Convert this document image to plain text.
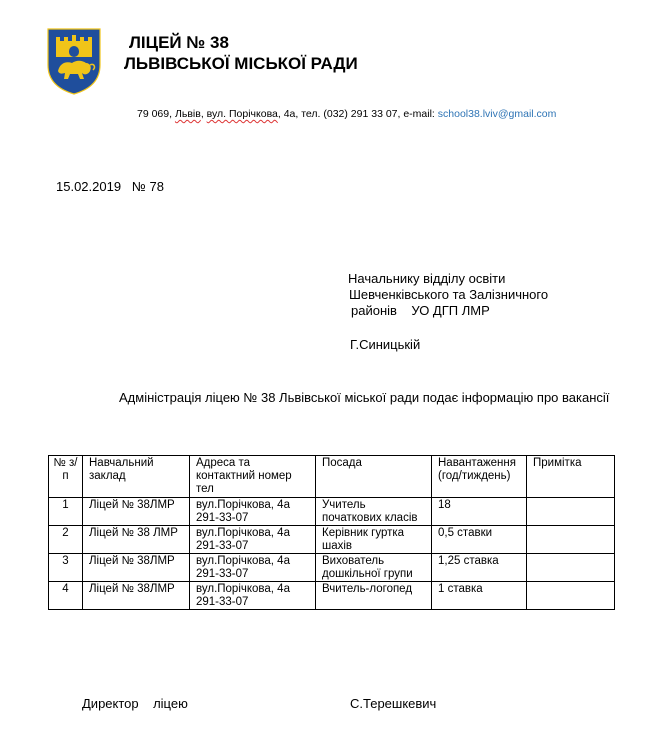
ЛІЦЕЙ № 38
ЛЬВІВСЬКОЇ МІСЬКОЇ РАДИ
79 069, Львів, вул. Порічкова, 4а, тел. (032) 291 33 07, e-mail: school38.lviv@gmail.com
15.02.2019 № 78
Начальнику відділу освіти
Шевченківського та Залізничного
районів    УО ДГП ЛМР
Г.Синицькій
Адміністрація ліцею № 38 Львівської міської ради подає інформацію про вакансії
№ з/п	Навчальний заклад	Адреса та контактний номер тел	Посада	Навантаження (год/тиждень)	Примітка
1	Ліцей № 38ЛМР	вул.Порічкова, 4а 291-33-07	Учитель початкових класів	18	
2	Ліцей № 38 ЛМР	вул.Порічкова, 4а 291-33-07	Керівник гуртка шахів	0,5 ставки	
3	Ліцей № 38ЛМР	вул.Порічкова, 4а 291-33-07	Вихователь дошкільної групи	1,25 ставка	
4	Ліцей № 38ЛМР	вул.Порічкова, 4а 291-33-07	Вчитель-логопед	1 ставка	
Директор    ліцею	С.Терешкевич
